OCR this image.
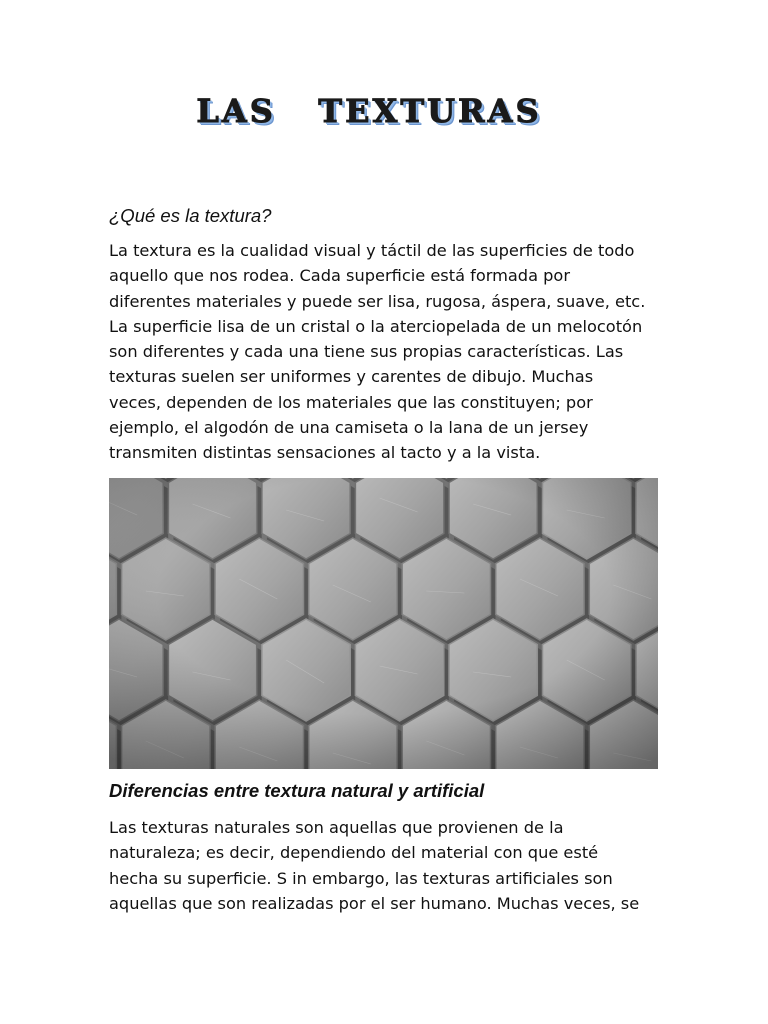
LAS   TEXTURAS
¿Qué es la textura?

La textura es la cualidad visual y táctil de las superficies de todo
aquello que nos rodea. Cada superficie está formada por
diferentes materiales y puede ser lisa, rugosa, áspera, suave, etc.
La superficie lisa de un cristal o la aterciopelada de un melocotón
son diferentes y cada una tiene sus propias características. Las
texturas suelen ser uniformes y carentes de dibujo. Muchas
veces, dependen de los materiales que las constituyen; por
ejemplo, el algodón de una camiseta o la lana de un jersey
transmiten distintas sensaciones al tacto y a la vista.

Diferencias entre textura natural y artificial

Las texturas naturales son aquellas que provienen de la
naturaleza; es decir, dependiendo del material con que esté
hecha su superficie. S in embargo, las texturas artificiales son
aquellas que son realizadas por el ser humano. Muchas veces, se
